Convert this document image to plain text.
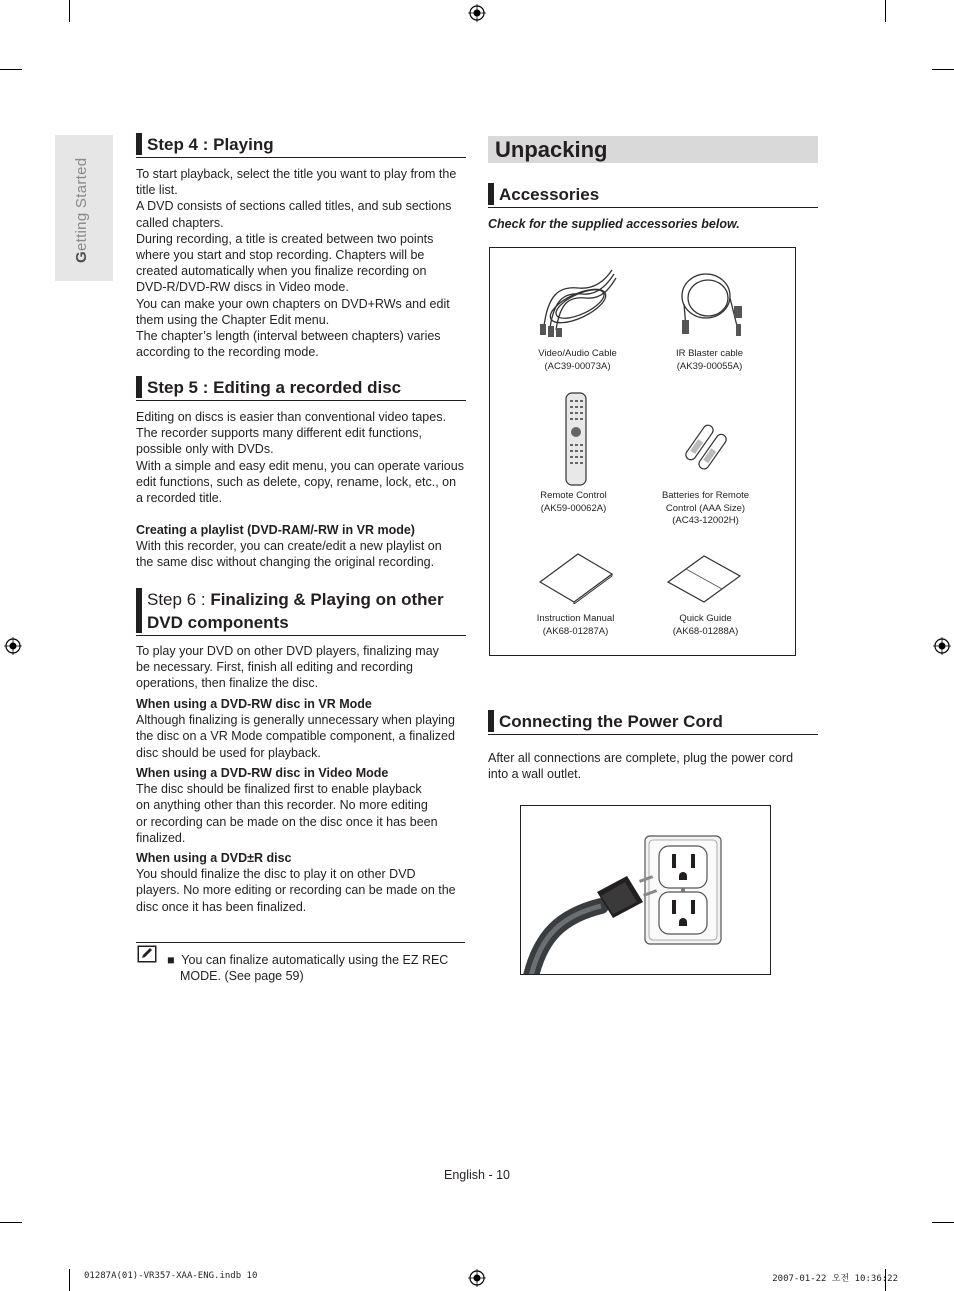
Getting Started
Step 4 : Playing

To start playback, select the title you want to play from the

title list.

A DVD consists of sections called titles, and sub sections

called chapters.

During recording, a title is created between two points

where you start and stop recording. Chapters will be

created automatically when you finalize recording on

DVD-R/DVD-RW discs in Video mode.

You can make your own chapters on DVD+RWs and edit

them using the Chapter Edit menu.

The chapter’s length (interval between chapters) varies

according to the recording mode.

Step 5 : Editing a recorded disc

Editing on discs is easier than conventional video tapes.

The recorder supports many different edit functions,

possible only with DVDs.

With a simple and easy edit menu, you can operate various

edit functions, such as delete, copy, rename, lock, etc., on

a recorded title.

Creating a playlist (DVD-RAM/-RW in VR mode)

With this recorder, you can create/edit a new playlist on

the same disc without changing the original recording.

Step 6 : Finalizing & Playing on other
DVD components

To play your DVD on other DVD players, finalizing may

be necessary. First, finish all editing and recording

operations, then finalize the disc.

When using a DVD-RW disc in VR Mode

Although finalizing is generally unnecessary when playing

the disc on a VR Mode compatible component, a finalized

disc should be used for playback.

When using a DVD-RW disc in Video Mode

The disc should be finalized first to enable playback

on anything other than this recorder. No more editing

or recording can be made on the disc once it has been

finalized.

When using a DVD±R disc

You should finalize the disc to play it on other DVD

players. No more editing or recording can be made on the

disc once it has been finalized.

■ You can finalize automatically using the EZ REC

MODE. (See page 59)

Unpacking
Accessories
Check for the supplied accessories below.
Video/Audio Cable
(AC39-00073A)
IR Blaster cable
(AK39-00055A)
Remote Control
(AK59-00062A)
Batteries for Remote
Control (AAA Size)
(AC43-12002H)
Instruction Manual
(AK68-01287A)
Quick Guide
(AK68-01288A)
Connecting the Power Cord

After all connections are complete, plug the power cord

into a wall outlet.

English - 10
01287A(01)-VR357-XAA-ENG.indb 10	2007-01-22 오전 10:36:22
